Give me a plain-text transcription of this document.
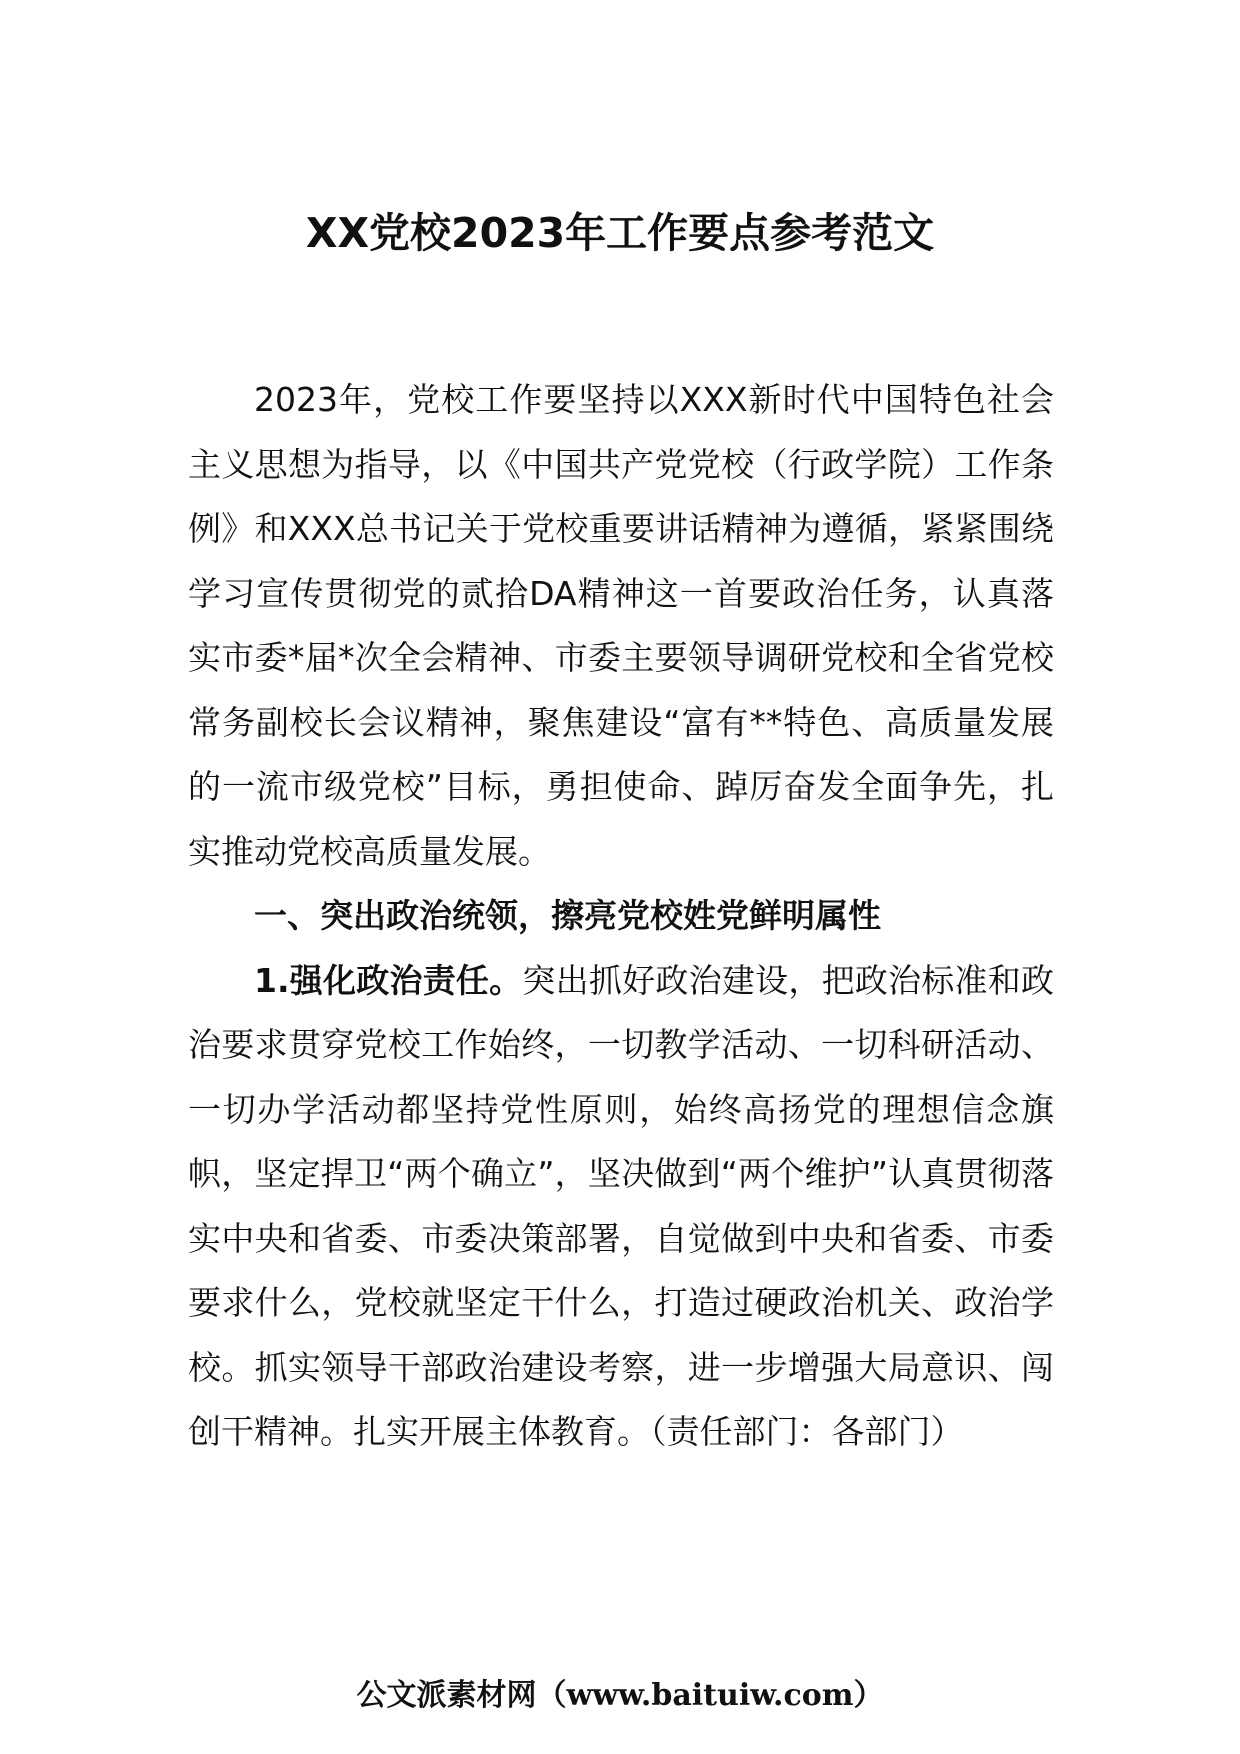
XX党校2023年工作要点参考范文

2023年，党校工作要坚持以XXX新时代中国特色社会主义思想为指导，以《中国共产党党校（行政学院）工作条例》和XXX总书记关于党校重要讲话精神为遵循，紧紧围绕学习宣传贯彻党的贰拾DA精神这一首要政治任务，认真落实市委*届*次全会精神、市委主要领导调研党校和全省党校常务副校长会议精神，聚焦建设“富有**特色、高质量发展的一流市级党校”目标，勇担使命、踔厉奋发全面争先，扎实推动党校高质量发展。

一、突出政治统领，擦亮党校姓党鲜明属性

1.强化政治责任。突出抓好政治建设，把政治标准和政治要求贯穿党校工作始终，一切教学活动、一切科研活动、一切办学活动都坚持党性原则，始终高扬党的理想信念旗帜，坚定捍卫“两个确立”，坚决做到“两个维护”认真贯彻落实中央和省委、市委决策部署，自觉做到中央和省委、市委要求什么，党校就坚定干什么，打造过硬政治机关、政治学校。抓实领导干部政治建设考察，进一步增强大局意识、闯创干精神。扎实开展主体教育。（责任部门：各部门）

公文派素材网（www.baituiw.com）
